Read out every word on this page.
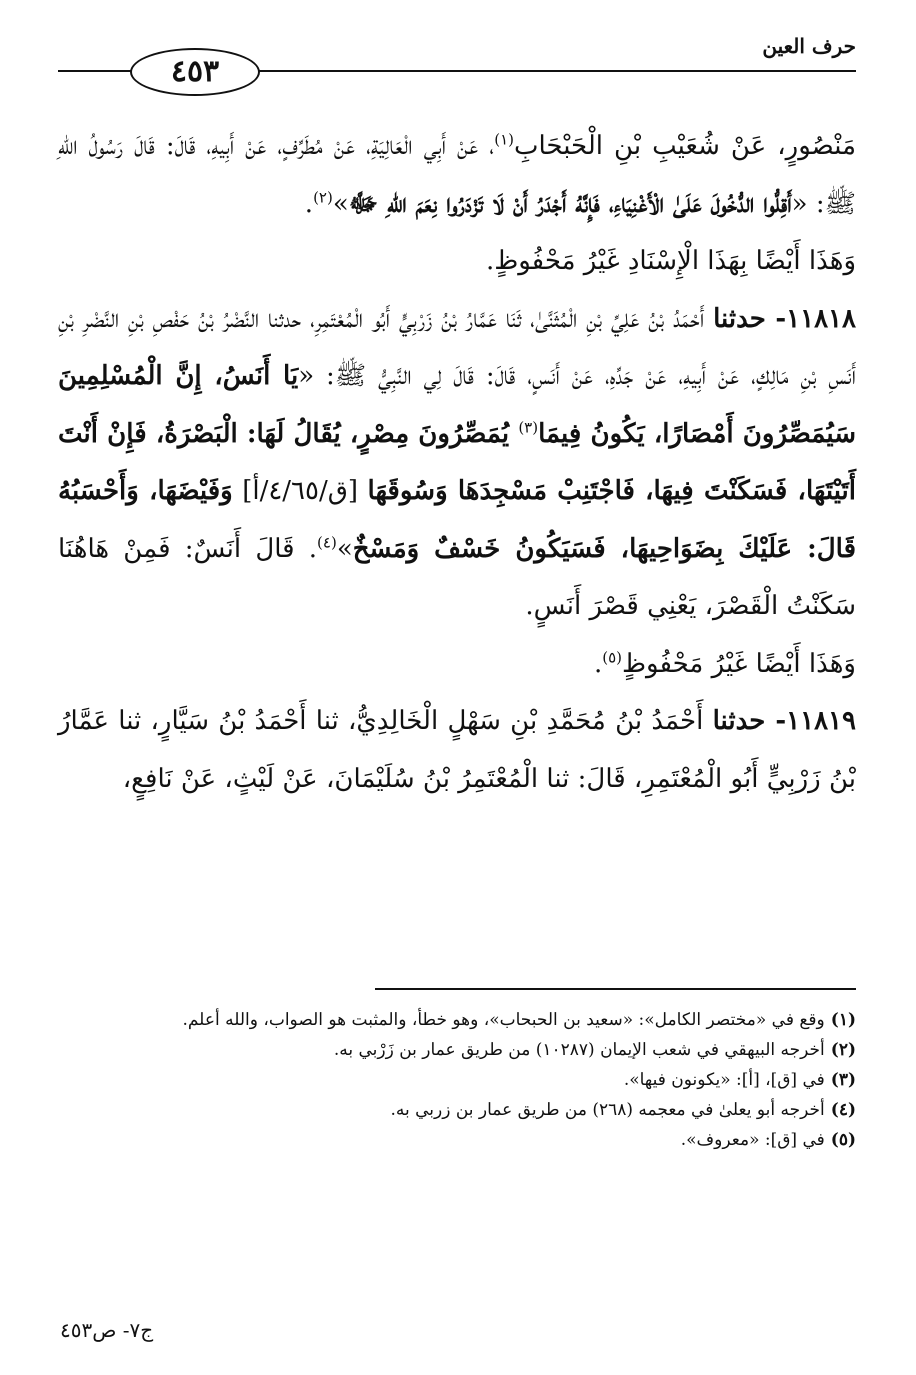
٤٥٣
حرف العين

مَنْصُورٍ، عَنْ شُعَيْبِ بْنِ الْحَبْحَابِ$^{(١)}$، عَنْ أَبِي الْعَالِيَةِ، عَنْ مُطَرِّفٍ، عَنْ أَبِيهِ، قَالَ: قَالَ رَسُولُ اللهِ ﷺ: «أَقِلُّوا الدُّخُولَ عَلَىٰ الْأَغْنِيَاءِ، فَإِنَّهُ أَجْدَرُ أَنْ لَا تَزْدَرُوا نِعَمَ اللهِ ﷻ»$^{(٢)}$.

وَهَذَا أَيْضًا بِهَذَا الْإِسْنَادِ غَيْرُ مَحْفُوظٍ.

١١٨١٨- حدثنا أَحْمَدُ بْنُ عَلِيِّ بْنِ الْمُثَنَّىٰ، ثَنَا عَمَّارُ بْنُ زَرْبِيٍّ أَبُو الْمُعْتَمِرِ، حدثنا النَّضْرُ بْنُ حَفْصِ بْنِ النَّضْرِ بْنِ أَنَسِ بْنِ مَالِكٍ، عَنْ أَبِيهِ، عَنْ جَدِّهِ، عَنْ أَنَسٍ، قَالَ: قَالَ لِي النَّبِيُّ ﷺ: «يَا أَنَسُ، إِنَّ الْمُسْلِمِينَ سَيُمَصِّرُونَ أَمْصَارًا، يَكُونُ فِيمَا$^{(٣)}$ يُمَصِّرُونَ مِصْرٍ، يُقَالُ لَهَا: الْبَصْرَةُ، فَإِنْ أَنْتَ أَتَيْتَهَا، فَسَكَنْتَ فِيهَا، فَاجْتَنِبْ مَسْجِدَهَا وَسُوقَهَا [ق/٤/٦٥/أ] وَفَيْضَهَا، وَأَحْسَبُهُ قَالَ: عَلَيْكَ بِضَوَاحِيهَا، فَسَيَكُونُ خَسْفٌ وَمَسْخٌ»$^{(٤)}$. قَالَ أَنَسٌ: فَمِنْ هَاهُنَا سَكَنْتُ الْقَصْرَ، يَعْنِي قَصْرَ أَنَسٍ.

وَهَذَا أَيْضًا غَيْرُ مَحْفُوظٍ$^{(٥)}$.

١١٨١٩- حدثنا أَحْمَدُ بْنُ مُحَمَّدِ بْنِ سَهْلٍ الْخَالِدِيُّ، ثنا أَحْمَدُ بْنُ سَيَّارٍ، ثنا عَمَّارُ بْنُ زَرْبِيٍّ أَبُو الْمُعْتَمِرِ، قَالَ: ثنا الْمُعْتَمِرُ بْنُ سُلَيْمَانَ، عَنْ لَيْثٍ، عَنْ نَافِعٍ،

(١)وقع في «مختصر الكامل»: «سعيد بن الحبحاب»، وهو خطأ، والمثبت هو الصواب، والله أعلم.

(٢)أخرجه البيهقي في شعب الإيمان (١٠٢٨٧) من طريق عمار بن زَرْبي به.

(٣)في [ق]، [أ]: «يكونون فيها».

(٤)أخرجه أبو يعلىٰ في معجمه (٢٦٨) من طريق عمار بن زربي به.

(٥)في [ق]: «معروف».

ج٧- ص٤٥٣
